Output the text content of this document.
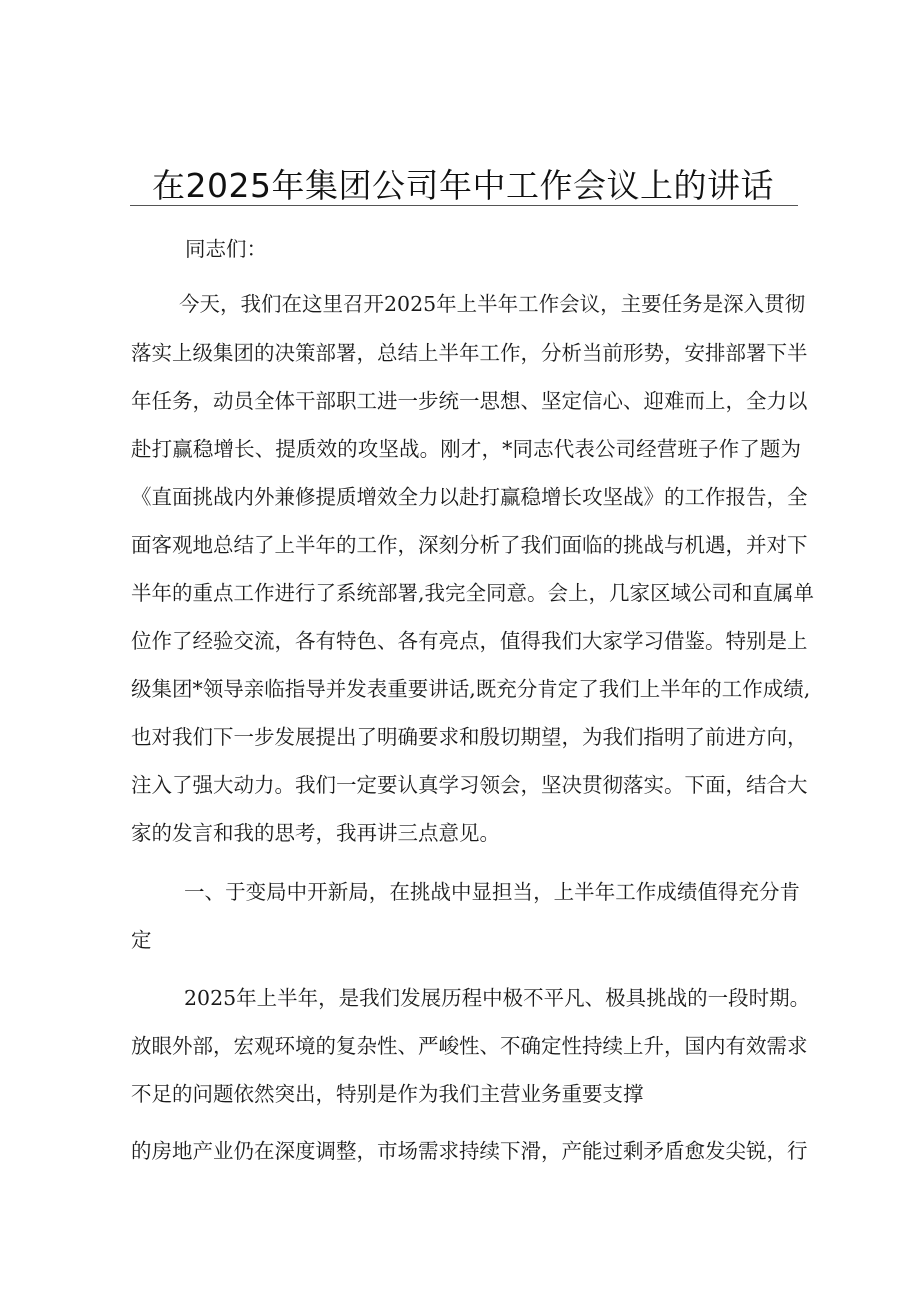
在2025年集团公司年中工作会议上的讲话

同志们：

今天，我们在这里召开2025年上半年工作会议，主要任务是深入贯彻

落实上级集团的决策部署，总结上半年工作，分析当前形势，安排部署下半

年任务，动员全体干部职工进一步统一思想、坚定信心、迎难而上，全力以

赴打赢稳增长、提质效的攻坚战。刚才，*同志代表公司经营班子作了题为

《直面挑战内外兼修提质增效全力以赴打赢稳增长攻坚战》的工作报告，全

面客观地总结了上半年的工作，深刻分析了我们面临的挑战与机遇，并对下

半年的重点工作进行了系统部署,我完全同意。会上，几家区域公司和直属单

位作了经验交流，各有特色、各有亮点，值得我们大家学习借鉴。特别是上

级集团*领导亲临指导并发表重要讲话,既充分肯定了我们上半年的工作成绩,

也对我们下一步发展提出了明确要求和殷切期望，为我们指明了前进方向，

注入了强大动力。我们一定要认真学习领会，坚决贯彻落实。下面，结合大

家的发言和我的思考，我再讲三点意见。

一、于变局中开新局，在挑战中显担当，上半年工作成绩值得充分肯

定

2025年上半年，是我们发展历程中极不平凡、极具挑战的一段时期。

放眼外部，宏观环境的复杂性、严峻性、不确定性持续上升，国内有效需求

不足的问题依然突出，特别是作为我们主营业务重要支撑

的房地产业仍在深度调整，市场需求持续下滑，产能过剩矛盾愈发尖锐，行
